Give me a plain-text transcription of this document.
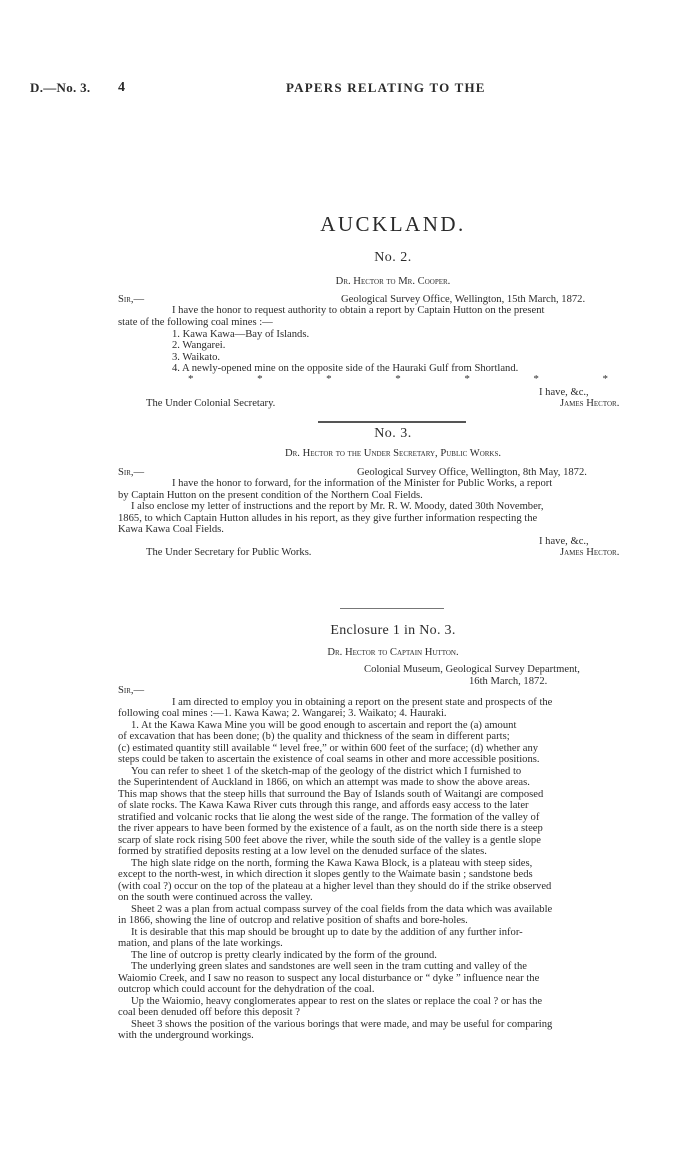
D.—No. 3. 4	PAPERS RELATING TO THE
AUCKLAND.
No. 2.
Dr. Hector to Mr. Cooper.
Sir,—	Geological Survey Office, Wellington, 15th March, 1872.
I have the honor to request authority to obtain a report by Captain Hutton on the present
state of the following coal mines :—
1. Kawa Kawa—Bay of Islands.
2. Wangarei.
3. Waikato.
4. A newly-opened mine on the opposite side of the Hauraki Gulf from Shortland.
*	*	*	*	*	*	*
I have, &c.,
The Under Colonial Secretary.	James Hector.
No. 3.
Dr. Hector to the Under Secretary, Public Works.
Sir,—	Geological Survey Office, Wellington, 8th May, 1872.
I have the honor to forward, for the information of the Minister for Public Works, a report
by Captain Hutton on the present condition of the Northern Coal Fields.
I also enclose my letter of instructions and the report by Mr. R. W. Moody, dated 30th November,
1865, to which Captain Hutton alludes in his report, as they give further information respecting the
Kawa Kawa Coal Fields.
I have, &c.,
The Under Secretary for Public Works.	James Hector.
Enclosure 1 in No. 3.
Dr. Hector to Captain Hutton.
Colonial Museum, Geological Survey Department,
16th March, 1872.
Sir,—
I am directed to employ you in obtaining a report on the present state and prospects of the
following coal mines :—1. Kawa Kawa; 2. Wangarei; 3. Waikato; 4. Hauraki.
1. At the Kawa Kawa Mine you will be good enough to ascertain and report the (a) amount
of excavation that has been done; (b) the quality and thickness of the seam in different parts;
(c) estimated quantity still available “ level free,” or within 600 feet of the surface; (d) whether any
steps could be taken to ascertain the existence of coal seams in other and more accessible positions.
You can refer to sheet 1 of the sketch-map of the geology of the district which I furnished to
the Superintendent of Auckland in 1866, on which an attempt was made to show the above areas.
This map shows that the steep hills that surround the Bay of Islands south of Waitangi are composed
of slate rocks. The Kawa Kawa River cuts through this range, and affords easy access to the later
stratified and volcanic rocks that lie along the west side of the range. The formation of the valley of
the river appears to have been formed by the existence of a fault, as on the north side there is a steep
scarp of slate rock rising 500 feet above the river, while the south side of the valley is a gentle slope
formed by stratified deposits resting at a low level on the denuded surface of the slates.
The high slate ridge on the north, forming the Kawa Kawa Block, is a plateau with steep sides,
except to the north-west, in which direction it slopes gently to the Waimate basin ; sandstone beds
(with coal ?) occur on the top of the plateau at a higher level than they should do if the strike observed
on the south were continued across the valley.
Sheet 2 was a plan from actual compass survey of the coal fields from the data which was available
in 1866, showing the line of outcrop and relative position of shafts and bore-holes.
It is desirable that this map should be brought up to date by the addition of any further infor-
mation, and plans of the late workings.
The line of outcrop is pretty clearly indicated by the form of the ground.
The underlying green slates and sandstones are well seen in the tram cutting and valley of the
Waiomio Creek, and I saw no reason to suspect any local disturbance or “ dyke ” influence near the
outcrop which could account for the dehydration of the coal.
Up the Waiomio, heavy conglomerates appear to rest on the slates or replace the coal ? or has the
coal been denuded off before this deposit ?
Sheet 3 shows the position of the various borings that were made, and may be useful for comparing
with the underground workings.
